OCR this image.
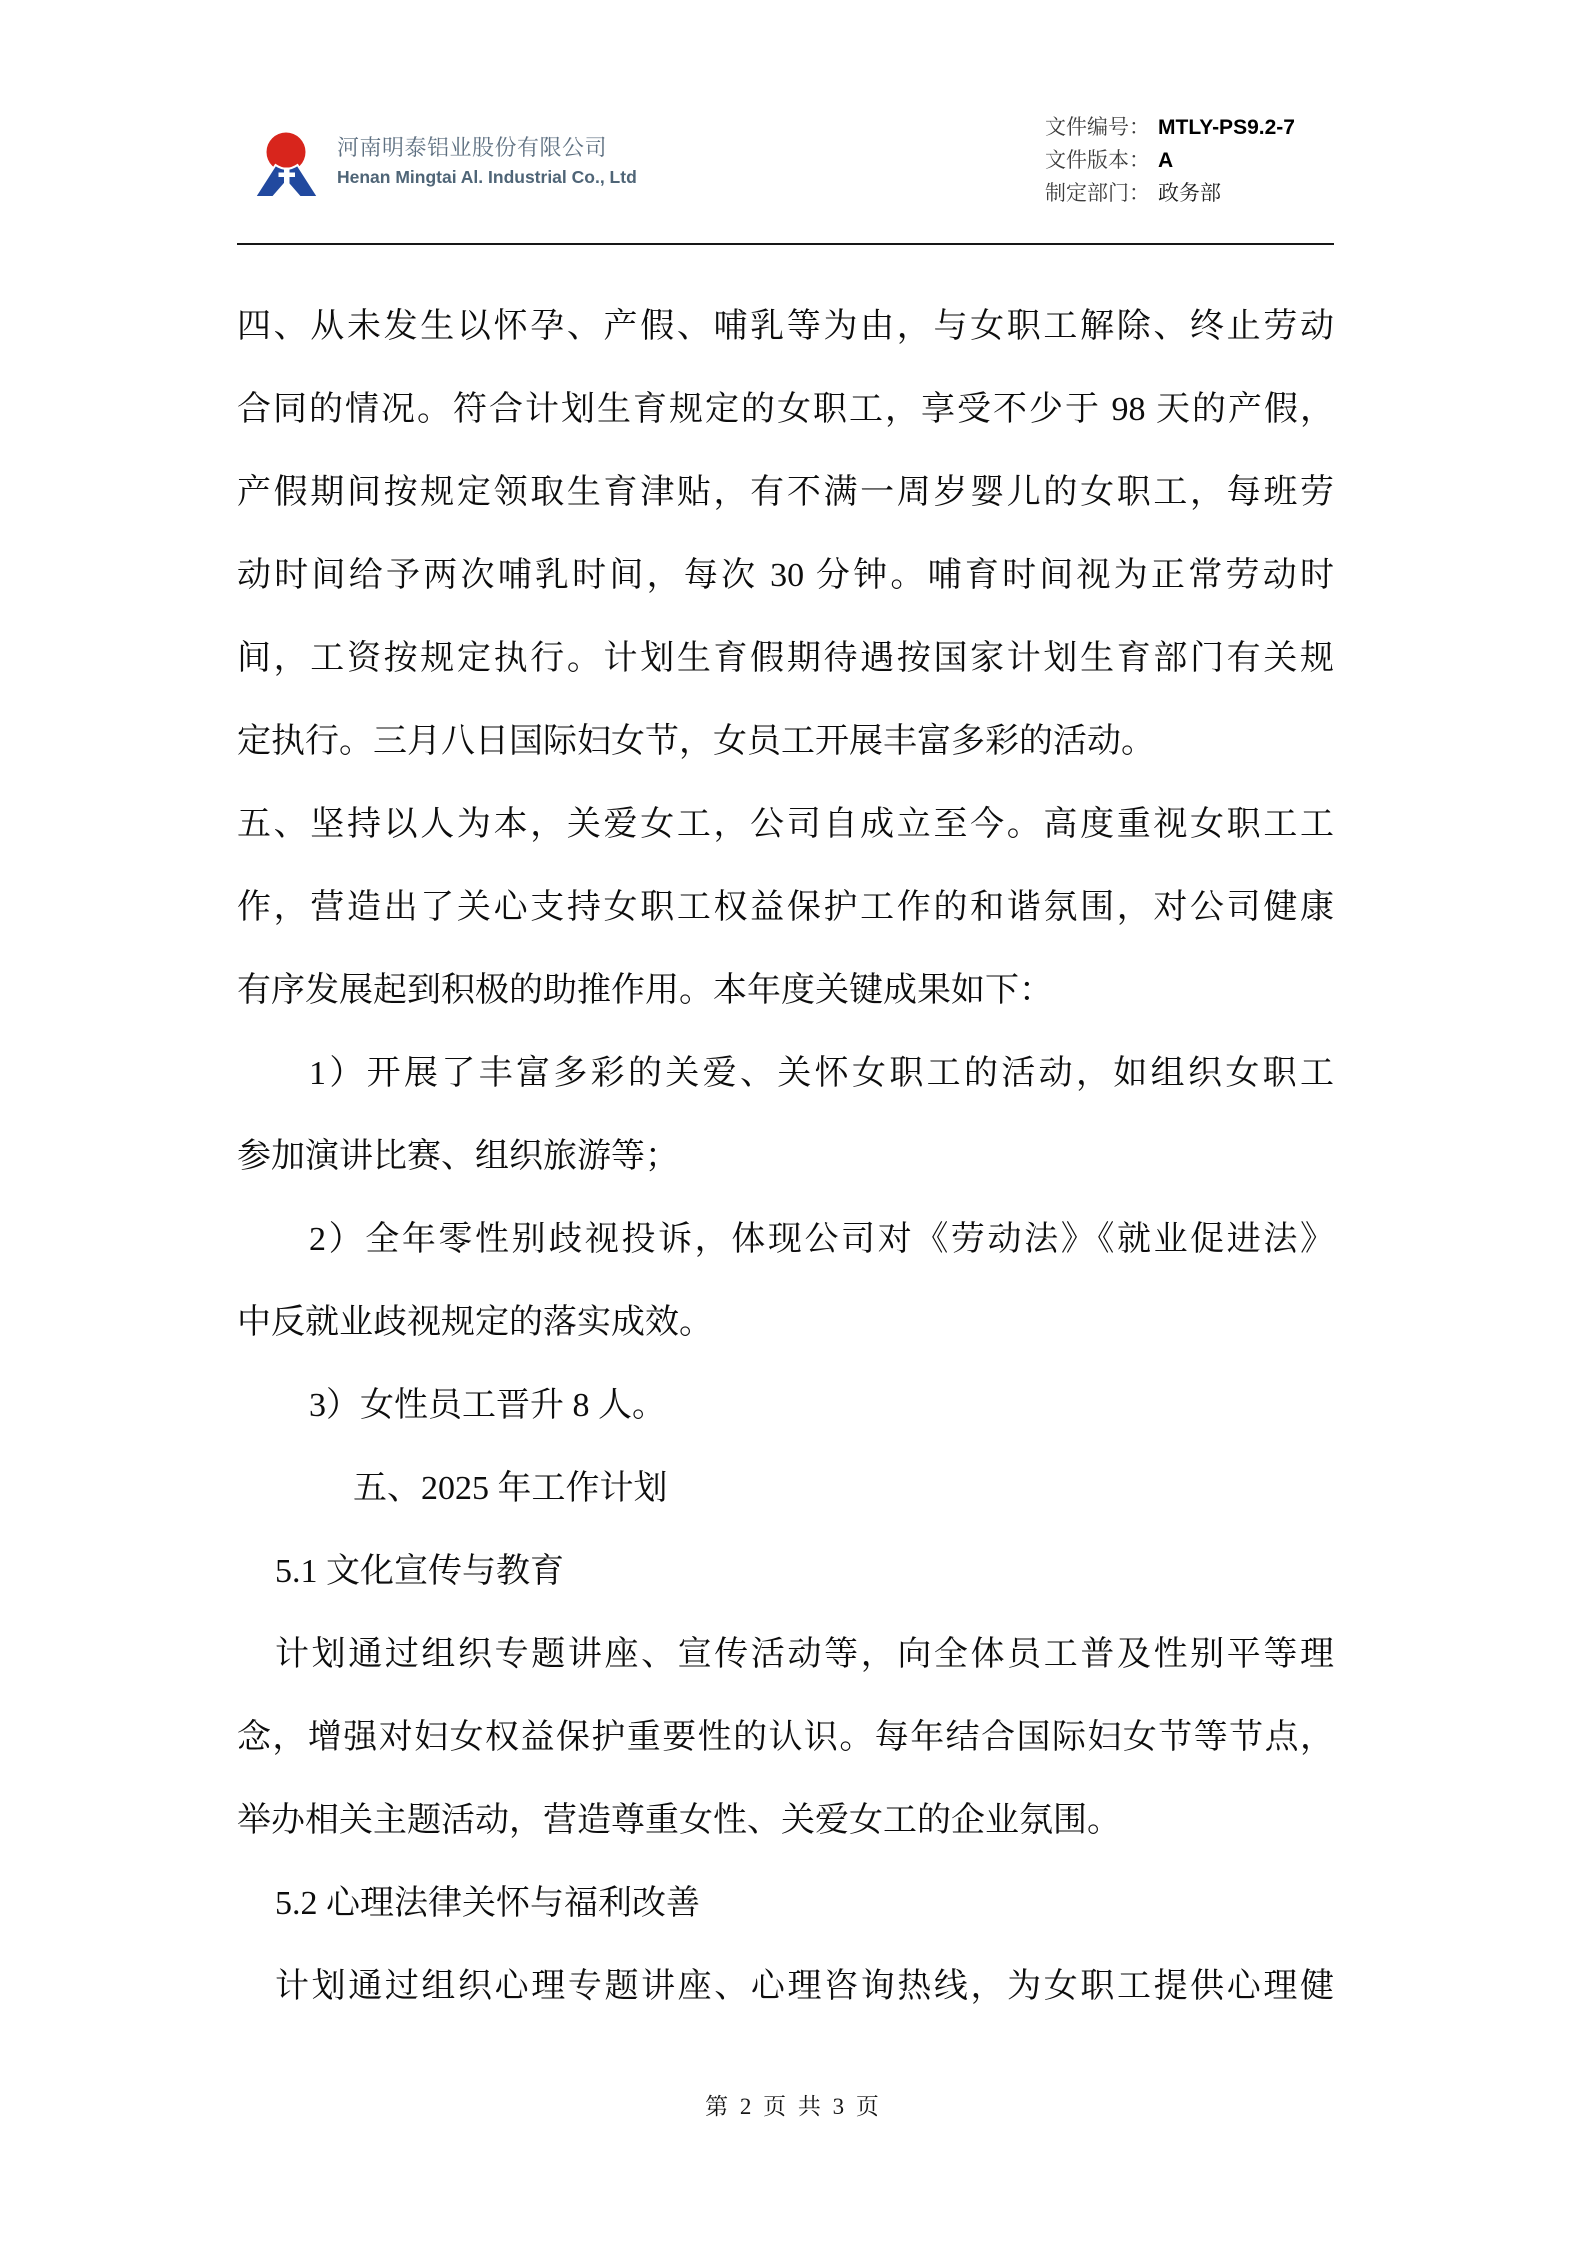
河南明泰铝业股份有限公司
Henan Mingtai Al. Industrial Co., Ltd
文件编号： MTLY-PS9.2-7
文件版本： A
制定部门： 政务部
四、从未发生以怀孕、产假、哺乳等为由，与女职工解除、终止劳动
合同的情况。符合计划生育规定的女职工，享受不少于 98 天的产假，
产假期间按规定领取生育津贴，有不满一周岁婴儿的女职工，每班劳
动时间给予两次哺乳时间，每次 30 分钟。哺育时间视为正常劳动时
间，工资按规定执行。计划生育假期待遇按国家计划生育部门有关规
定执行。三月八日国际妇女节，女员工开展丰富多彩的活动。
五、坚持以人为本，关爱女工，公司自成立至今。高度重视女职工工
作，营造出了关心支持女职工权益保护工作的和谐氛围，对公司健康
有序发展起到积极的助推作用。本年度关键成果如下：
1）开展了丰富多彩的关爱、关怀女职工的活动，如组织女职工
参加演讲比赛、组织旅游等；
2）全年零性别歧视投诉，体现公司对《劳动法》《就业促进法》
中反就业歧视规定的落实成效。
3）女性员工晋升 8 人。
五、2025 年工作计划
5.1 文化宣传与教育
计划通过组织专题讲座、宣传活动等，向全体员工普及性别平等理
念，增强对妇女权益保护重要性的认识。每年结合国际妇女节等节点，
举办相关主题活动，营造尊重女性、关爱女工的企业氛围。
5.2 心理法律关怀与福利改善
计划通过组织心理专题讲座、心理咨询热线，为女职工提供心理健
第 2 页 共 3 页
